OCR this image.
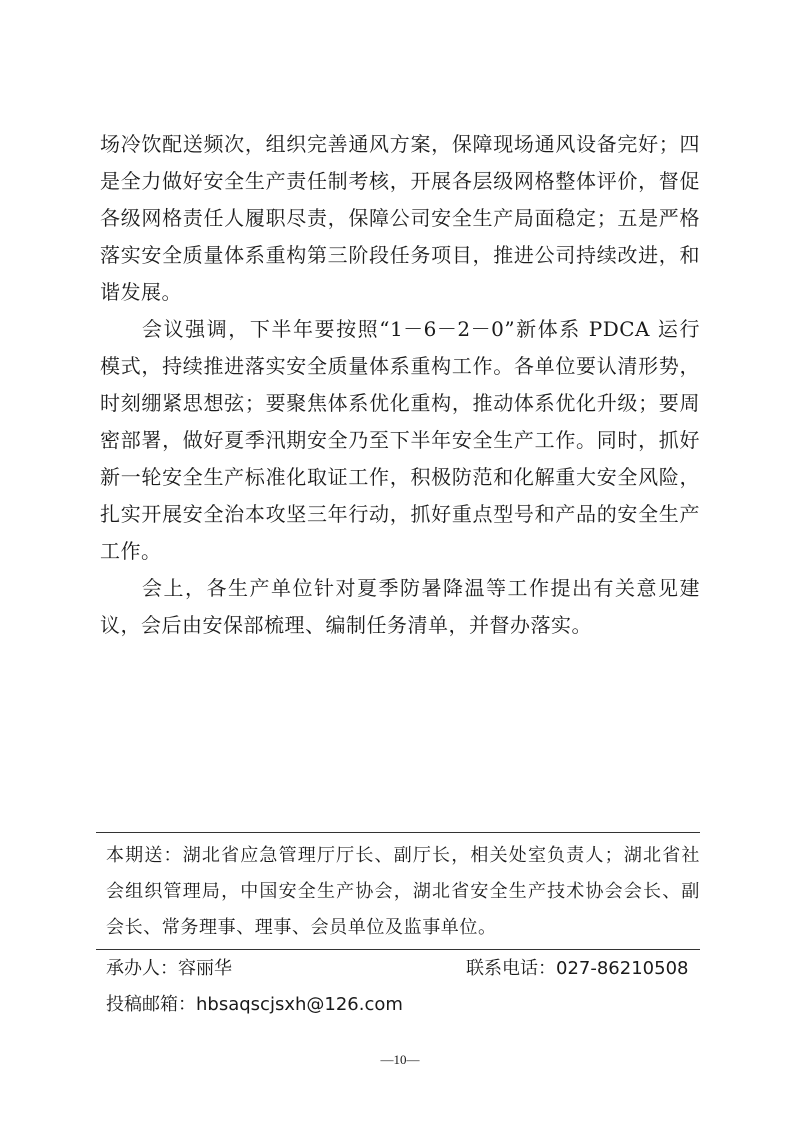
场冷饮配送频次，组织完善通风方案，保障现场通风设备完好；四是全力做好安全生产责任制考核，开展各层级网格整体评价，督促各级网格责任人履职尽责，保障公司安全生产局面稳定；五是严格落实安全质量体系重构第三阶段任务项目，推进公司持续改进，和谐发展。

会议强调，下半年要按照“1－6－2－0”新体系 PDCA 运行模式，持续推进落实安全质量体系重构工作。各单位要认清形势，时刻绷紧思想弦；要聚焦体系优化重构，推动体系优化升级；要周密部署，做好夏季汛期安全乃至下半年安全生产工作。同时，抓好新一轮安全生产标准化取证工作，积极防范和化解重大安全风险，扎实开展安全治本攻坚三年行动，抓好重点型号和产品的安全生产工作。

会上，各生产单位针对夏季防暑降温等工作提出有关意见建议，会后由安保部梳理、编制任务清单，并督办落实。

本期送：湖北省应急管理厅厅长、副厅长，相关处室负责人；湖北省社会组织管理局，中国安全生产协会，湖北省安全生产技术协会会长、副会长、常务理事、理事、会员单位及监事单位。
承办人：容丽华	联系电话：027-86210508
投稿邮箱：hbsaqscjsxh@126.com
—10—
